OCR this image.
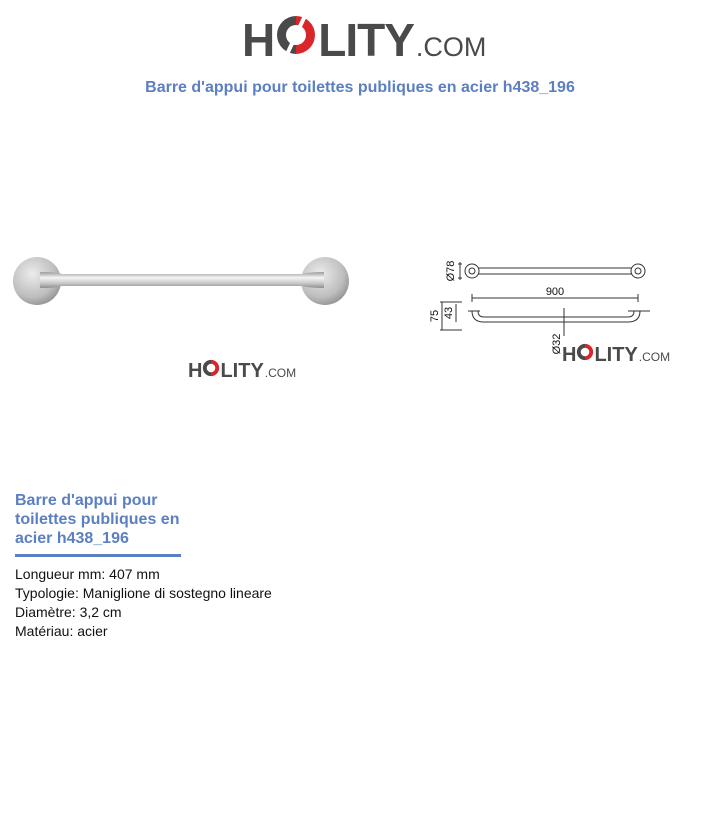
H LITY .COM
Barre d'appui pour toilettes publiques en acier h438_196
H LITY .COM
Ø78
900
75 43
Ø32 H LITY .COM
Barre d'appui pour toilettes publiques en acier h438_196
Longueur mm: 407 mm
Typologie: Maniglione di sostegno lineare
Diamètre: 3,2 cm
Matériau: acier
